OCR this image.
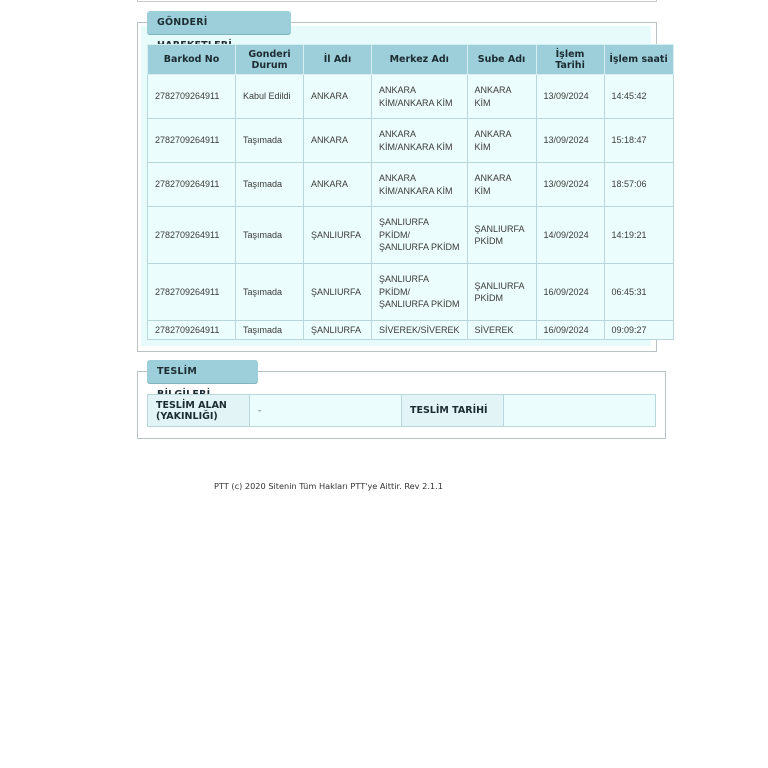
GÖNDERİ
Barkod No	Gonderi Durum	İl Adı	Merkez Adı	Sube Adı	İşlem Tarihi	İşlem saati
2782709264911	Kabul Edildi	ANKARA	ANKARA KİM/ANKARA KİM	ANKARA KİM	13/09/2024	14:45:42
2782709264911	Taşımada	ANKARA	ANKARA KİM/ANKARA KİM	ANKARA KİM	13/09/2024	15:18:47
2782709264911	Taşımada	ANKARA	ANKARA KİM/ANKARA KİM	ANKARA KİM	13/09/2024	18:57:06
2782709264911	Taşımada	ŞANLIURFA	ŞANLIURFA PKİDM/ ŞANLIURFA PKİDM	ŞANLIURFA PKİDM	14/09/2024	14:19:21
2782709264911	Taşımada	ŞANLIURFA	ŞANLIURFA PKİDM/ ŞANLIURFA PKİDM	ŞANLIURFA PKİDM	16/09/2024	06:45:31
2782709264911	Taşımada	ŞANLIURFA	SİVEREK/SİVEREK	SİVEREK	16/09/2024	09:09:27
TESLİM
TESLİM ALAN (YAKINLIĞI)	-	TESLİM TARİHİ	
PTT (c) 2020 Sitenin Tüm Hakları PTT'ye Aittir. Rev 2.1.1
